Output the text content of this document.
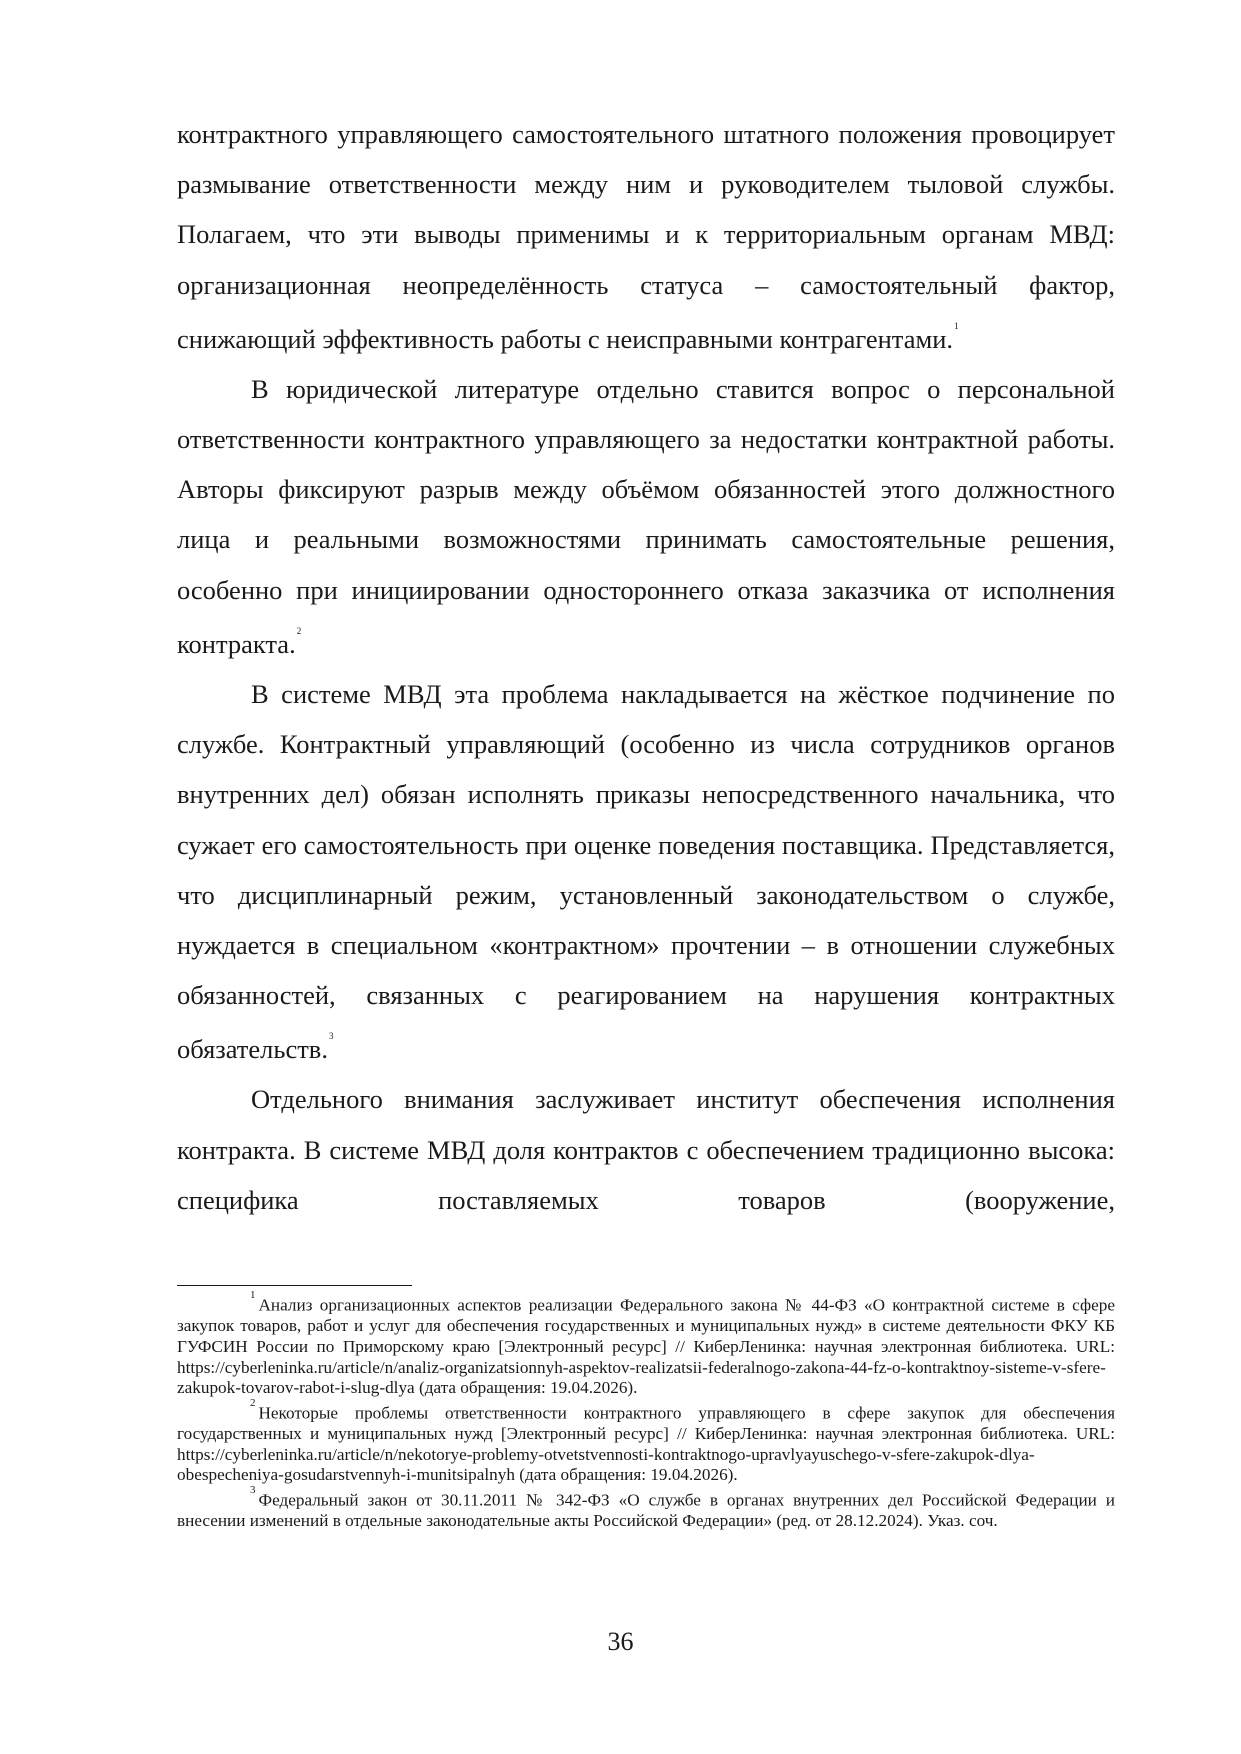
контрактного управляющего самостоятельного штатного положения провоцирует размывание ответственности между ним и руководителем тыловой службы. Полагаем, что эти выводы применимы и к территориальным органам МВД: организационная неопределённость статуса – самостоятельный фактор, снижающий эффективность работы с неисправными контрагентами.$^1$

В юридической литературе отдельно ставится вопрос о персональной ответственности контрактного управляющего за недостатки контрактной работы. Авторы фиксируют разрыв между объёмом обязанностей этого должностного лица и реальными возможностями принимать самостоятельные решения, особенно при инициировании одностороннего отказа заказчика от исполнения контракта.$^2$

В системе МВД эта проблема накладывается на жёсткое подчинение по службе. Контрактный управляющий (особенно из числа сотрудников органов внутренних дел) обязан исполнять приказы непосредственного начальника, что сужает его самостоятельность при оценке поведения поставщика. Представляется, что дисциплинарный режим, установленный законодательством о службе, нуждается в специальном «контрактном» прочтении – в отношении служебных обязанностей, связанных с реагированием на нарушения контрактных обязательств.$^3$

Отдельного внимания заслуживает институт обеспечения исполнения контракта. В системе МВД доля контрактов с обеспечением традиционно высока: специфика поставляемых товаров (вооружение,

$^1$Анализ организационных аспектов реализации Федерального закона № 44-ФЗ «О контрактной системе в сфере закупок товаров, работ и услуг для обеспечения государственных и муниципальных нужд» в системе деятельности ФКУ КБ ГУФСИН России по Приморскому краю [Электронный ресурс] // КиберЛенинка: научная электронная библиотека. URL: https://cyberleninka.ru/article/n/analiz-organizatsionnyh-aspektov-realizatsii-federalnogo-zakona-44-fz-o-kontraktnoy-sisteme-v-sfere-zakupok-tovarov-rabot-i-slug-dlya (дата обращения: 19.04.2026).

$^2$Некоторые проблемы ответственности контрактного управляющего в сфере закупок для обеспечения государственных и муниципальных нужд [Электронный ресурс] // КиберЛенинка: научная электронная библиотека. URL: https://cyberleninka.ru/article/n/nekotorye-problemy-otvetstvennosti-kontraktnogo-upravlyayuschego-v-sfere-zakupok-dlya-obespecheniya-gosudarstvennyh-i-munitsipalnyh (дата обращения: 19.04.2026).

$^3$Федеральный закон от 30.11.2011 № 342-ФЗ «О службе в органах внутренних дел Российской Федерации и внесении изменений в отдельные законодательные акты Российской Федерации» (ред. от 28.12.2024). Указ. соч.

36
